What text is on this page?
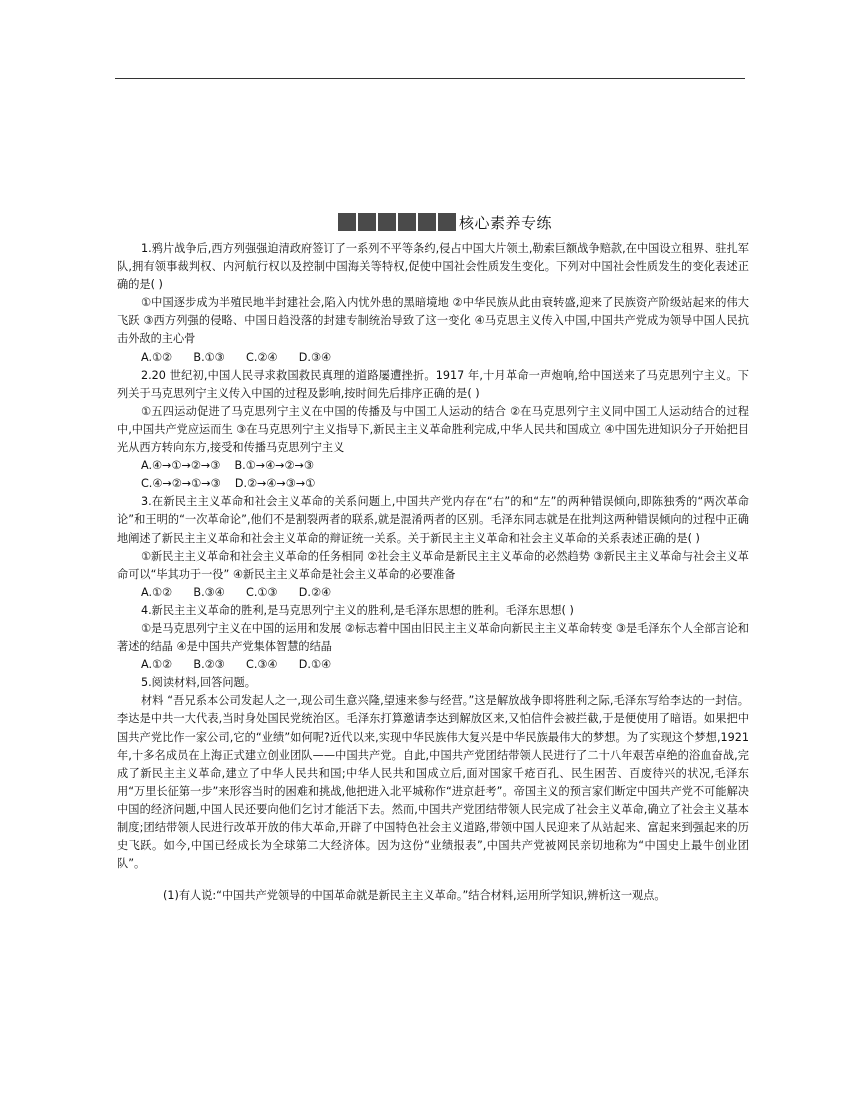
核心素养专练

1.鸦片战争后,西方列强强迫清政府签订了一系列不平等条约,侵占中国大片领土,勒索巨额战争赔款,在中国设立租界、驻扎军队,拥有领事裁判权、内河航行权以及控制中国海关等特权,促使中国社会性质发生变化。下列对中国社会性质发生的变化表述正确的是( )

①中国逐步成为半殖民地半封建社会,陷入内忧外患的黑暗境地 ②中华民族从此由衰转盛,迎来了民族资产阶级站起来的伟大飞跃 ③西方列强的侵略、中国日趋没落的封建专制统治导致了这一变化 ④马克思主义传入中国,中国共产党成为领导中国人民抗击外敌的主心骨

A.①②      B.①③      C.②④      D.③④

2.20 世纪初,中国人民寻求救国救民真理的道路屡遭挫折。1917 年,十月革命一声炮响,给中国送来了马克思列宁主义。下列关于马克思列宁主义传入中国的过程及影响,按时间先后排序正确的是( )

①五四运动促进了马克思列宁主义在中国的传播及与中国工人运动的结合 ②在马克思列宁主义同中国工人运动结合的过程中,中国共产党应运而生 ③在马克思列宁主义指导下,新民主主义革命胜利完成,中华人民共和国成立 ④中国先进知识分子开始把目光从西方转向东方,接受和传播马克思列宁主义

A.④→①→②→③    B.①→④→②→③

C.④→②→①→③    D.②→④→③→①

3.在新民主主义革命和社会主义革命的关系问题上,中国共产党内存在“右”的和“左”的两种错误倾向,即陈独秀的“两次革命论”和王明的“一次革命论”,他们不是割裂两者的联系,就是混淆两者的区别。毛泽东同志就是在批判这两种错误倾向的过程中正确地阐述了新民主主义革命和社会主义革命的辩证统一关系。关于新民主主义革命和社会主义革命的关系表述正确的是( )

①新民主主义革命和社会主义革命的任务相同 ②社会主义革命是新民主主义革命的必然趋势 ③新民主主义革命与社会主义革命可以“毕其功于一役” ④新民主主义革命是社会主义革命的必要准备

A.①②      B.③④      C.①③      D.②④

4.新民主主义革命的胜利,是马克思列宁主义的胜利,是毛泽东思想的胜利。毛泽东思想( )

①是马克思列宁主义在中国的运用和发展 ②标志着中国由旧民主主义革命向新民主主义革命转变 ③是毛泽东个人全部言论和著述的结晶 ④是中国共产党集体智慧的结晶

A.①②      B.②③      C.③④      D.①④

5.阅读材料,回答问题。

材料 “吾兄系本公司发起人之一,现公司生意兴隆,望速来参与经营。”这是解放战争即将胜利之际,毛泽东写给李达的一封信。李达是中共一大代表,当时身处国民党统治区。毛泽东打算邀请李达到解放区来,又怕信件会被拦截,于是便使用了暗语。如果把中国共产党比作一家公司,它的“业绩”如何呢?近代以来,实现中华民族伟大复兴是中华民族最伟大的梦想。为了实现这个梦想,1921 年,十多名成员在上海正式建立创业团队——中国共产党。自此,中国共产党团结带领人民进行了二十八年艰苦卓绝的浴血奋战,完成了新民主主义革命,建立了中华人民共和国;中华人民共和国成立后,面对国家千疮百孔、民生困苦、百废待兴的状况,毛泽东用“万里长征第一步”来形容当时的困难和挑战,他把进入北平城称作“进京赶考”。帝国主义的预言家们断定中国共产党不可能解决中国的经济问题,中国人民还要向他们乞讨才能活下去。然而,中国共产党团结带领人民完成了社会主义革命,确立了社会主义基本制度;团结带领人民进行改革开放的伟大革命,开辟了中国特色社会主义道路,带领中国人民迎来了从站起来、富起来到强起来的历史飞跃。如今,中国已经成长为全球第二大经济体。因为这份“业绩报表”,中国共产党被网民亲切地称为“中国史上最牛创业团队”。

(1)有人说:“中国共产党领导的中国革命就是新民主主义革命。”结合材料,运用所学知识,辨析这一观点。
